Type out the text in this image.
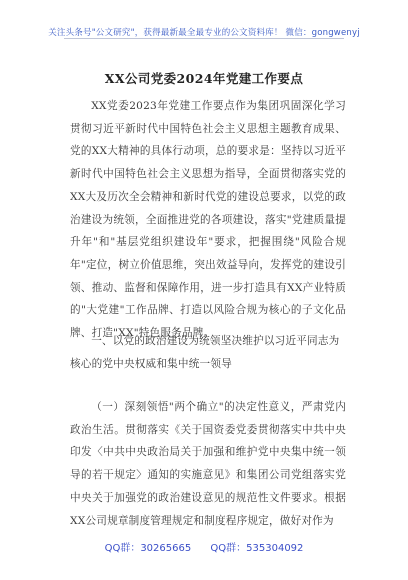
关注头条号"公文研究"，获得最新最全最专业的公文资料库！ 微信：gongwenyj
XX公司党委2024年党建工作要点

XX党委2023年党建工作要点作为集团巩固深化学习贯彻习近平新时代中国特色社会主义思想主题教育成果、党的XX大精神的具体行动项，总的要求是：坚持以习近平新时代中国特色社会主义思想为指导，全面贯彻落实党的XX大及历次全会精神和新时代党的建设总要求，以党的政治建设为统领，全面推进党的各项建设，落实"党建质量提升年"和"基层党组织建设年"要求，把握围绕"风险合规年"定位，树立价值思维，突出效益导向，发挥党的建设引领、推动、监督和保障作用，进一步打造具有XX产业特质的"大党建"工作品牌、打造以风险合规为核心的子文化品牌、打造"XX"特色服务品牌。

一、以党的政治建设为统领坚决维护以习近平同志为核心的党中央权威和集中统一领导

（一）深刻领悟"两个确立"的决定性意义，严肃党内政治生活。贯彻落实《关于国资委党委贯彻落实中共中央印发〈中共中央政治局关于加强和维护党中央集中统一领导的若干规定〉通知的实施意见》和集团公司党组落实党中央关于加强党的政治建设意见的规范性文件要求。根据XX公司规章制度管理规定和制度程序规定，做好对作为

QQ群：30265665 QQ群：535304092
